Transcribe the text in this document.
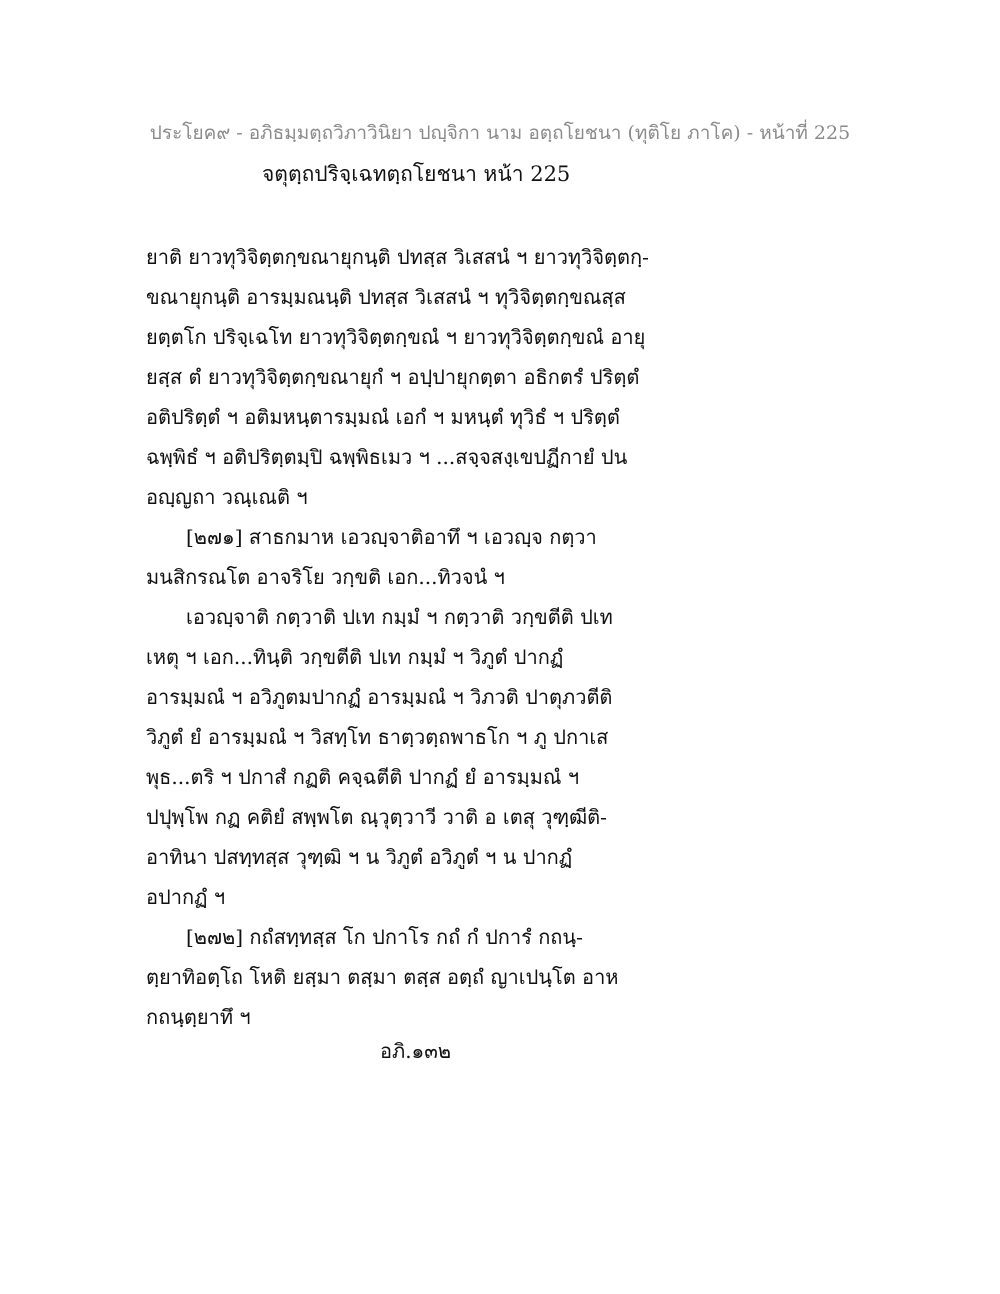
ประโยค๙ - อภิธมฺมตฺถวิภาวินิยา ปญฺจิกา นาม อตฺถโยชนา (ทุติโย ภาโค) - หน้าที่ 225
จตุตฺถปริจฺเฉทตฺถโยชนา หน้า 225
ยาติ ยาวทุวิจิตฺตกฺขณายุกนฺติ ปทสฺส วิเสสนํ ฯ ยาวทุวิจิตฺตกฺ-
ขณายุกนฺติ อารมฺมณนฺติ ปทสฺส วิเสสนํ ฯ ทุวิจิตฺตกฺขณสฺส
ยตฺตโก ปริจฺเฉโท ยาวทุวิจิตฺตกฺขณํ ฯ ยาวทุวิจิตฺตกฺขณํ อายุ
ยสฺส ตํ ยาวทุวิจิตฺตกฺขณายุกํ ฯ อปฺปายุกตฺตา อธิกตรํ ปริตฺตํ
อติปริตฺตํ ฯ อติมหนฺตารมฺมณํ เอกํ ฯ มหนฺตํ ทุวิธํ ฯ ปริตฺตํ
ฉพฺพิธํ ฯ อติปริตฺตมฺปิ ฉพฺพิธเมว ฯ ...สจฺจสงฺเขปฏีกายํ ปน
อญฺญถา วณฺเณติ ฯ
[๒๗๑] สาธกมาห เอวญฺจาติอาทึ ฯ เอวญฺจ กตฺวา
มนสิกรณโต อาจริโย วกฺขติ เอก...ทิวจนํ ฯ
เอวญฺจาติ กตฺวาติ ปเท กมฺมํ ฯ กตฺวาติ วกฺขตีติ ปเท
เหตุ ฯ เอก...ทินฺติ วกฺขตีติ ปเท กมฺมํ ฯ วิภูตํ ปากฏํ
อารมฺมณํ ฯ อวิภูตมปากฏํ อารมฺมณํ ฯ วิภวติ ปาตุภวตีติ
วิภูตํ ยํ อารมฺมณํ ฯ วิสทฺโท ธาตฺวตฺถพาธโก ฯ ภู ปกาเส
พุธ...ตริ ฯ ปกาสํ กฏติ คจฺฉตีติ ปากฏํ ยํ อารมฺมณํ ฯ
ปปุพฺโพ กฏ คติยํ สพฺพโต ณฺวุตฺวาวี วาติ อ เตสุ วุฑฺฒีติ-
อาทินา ปสทฺทสฺส วุฑฺฒิ ฯ น วิภูตํ อวิภูตํ ฯ น ปากฏํ
อปากฏํ ฯ
[๒๗๒] กถํสทฺทสฺส โก ปกาโร กถํ กํ ปการํ กถนฺ-
ตฺยาทิอตฺโถ โหติ ยสฺมา ตสฺมา ตสฺส อตฺถํ ญาเปนฺโต อาห
กถนฺตฺยาทึ ฯ
อภิ.๑๓๒
